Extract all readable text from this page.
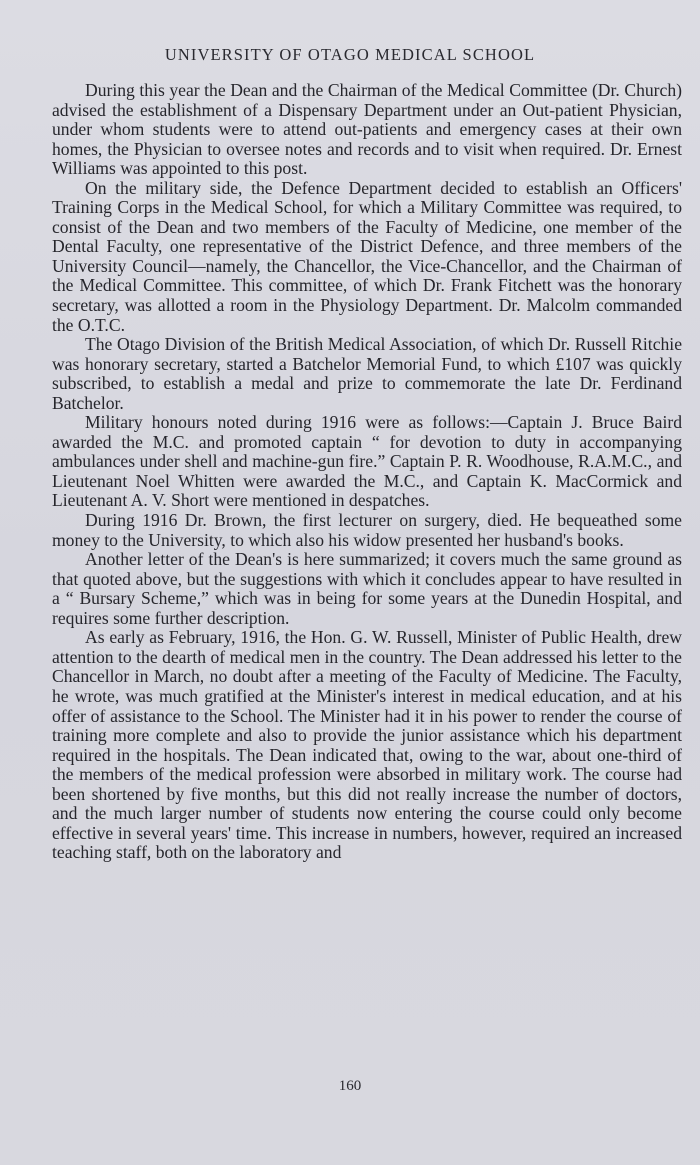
UNIVERSITY OF OTAGO MEDICAL SCHOOL

During this year the Dean and the Chairman of the Medical Committee (Dr. Church) advised the establishment of a Dispensary Department under an Out-patient Physician, under whom students were to attend out-patients and emergency cases at their own homes, the Physician to oversee notes and records and to visit when required. Dr. Ernest Williams was appointed to this post.

On the military side, the Defence Department decided to establish an Officers' Training Corps in the Medical School, for which a Military Committee was required, to consist of the Dean and two members of the Faculty of Medicine, one member of the Dental Faculty, one representative of the District Defence, and three members of the University Council—namely, the Chancellor, the Vice-Chancellor, and the Chairman of the Medical Committee. This committee, of which Dr. Frank Fitchett was the honorary secretary, was allotted a room in the Physiology Department. Dr. Malcolm commanded the O.T.C.

The Otago Division of the British Medical Association, of which Dr. Russell Ritchie was honorary secretary, started a Batchelor Memorial Fund, to which £107 was quickly subscribed, to establish a medal and prize to commemorate the late Dr. Ferdinand Batchelor.

Military honours noted during 1916 were as follows:—Captain J. Bruce Baird awarded the M.C. and promoted captain “ for devotion to duty in accompanying ambulances under shell and machine-gun fire.” Captain P. R. Woodhouse, R.A.M.C., and Lieutenant Noel Whitten were awarded the M.C., and Captain K. MacCormick and Lieutenant A. V. Short were mentioned in despatches.

During 1916 Dr. Brown, the first lecturer on surgery, died. He bequeathed some money to the University, to which also his widow presented her husband's books.

Another letter of the Dean's is here summarized; it covers much the same ground as that quoted above, but the suggestions with which it concludes appear to have resulted in a “ Bursary Scheme,” which was in being for some years at the Dunedin Hospital, and requires some further description.

As early as February, 1916, the Hon. G. W. Russell, Minister of Public Health, drew attention to the dearth of medical men in the country. The Dean addressed his letter to the Chancellor in March, no doubt after a meeting of the Faculty of Medicine. The Faculty, he wrote, was much gratified at the Minister's interest in medical education, and at his offer of assistance to the School. The Minister had it in his power to render the course of training more complete and also to provide the junior assistance which his department required in the hospitals. The Dean indicated that, owing to the war, about one-third of the members of the medical profession were absorbed in military work. The course had been shortened by five months, but this did not really increase the number of doctors, and the much larger number of students now entering the course could only become effective in several years' time. This increase in numbers, however, required an increased teaching staff, both on the laboratory and

160
